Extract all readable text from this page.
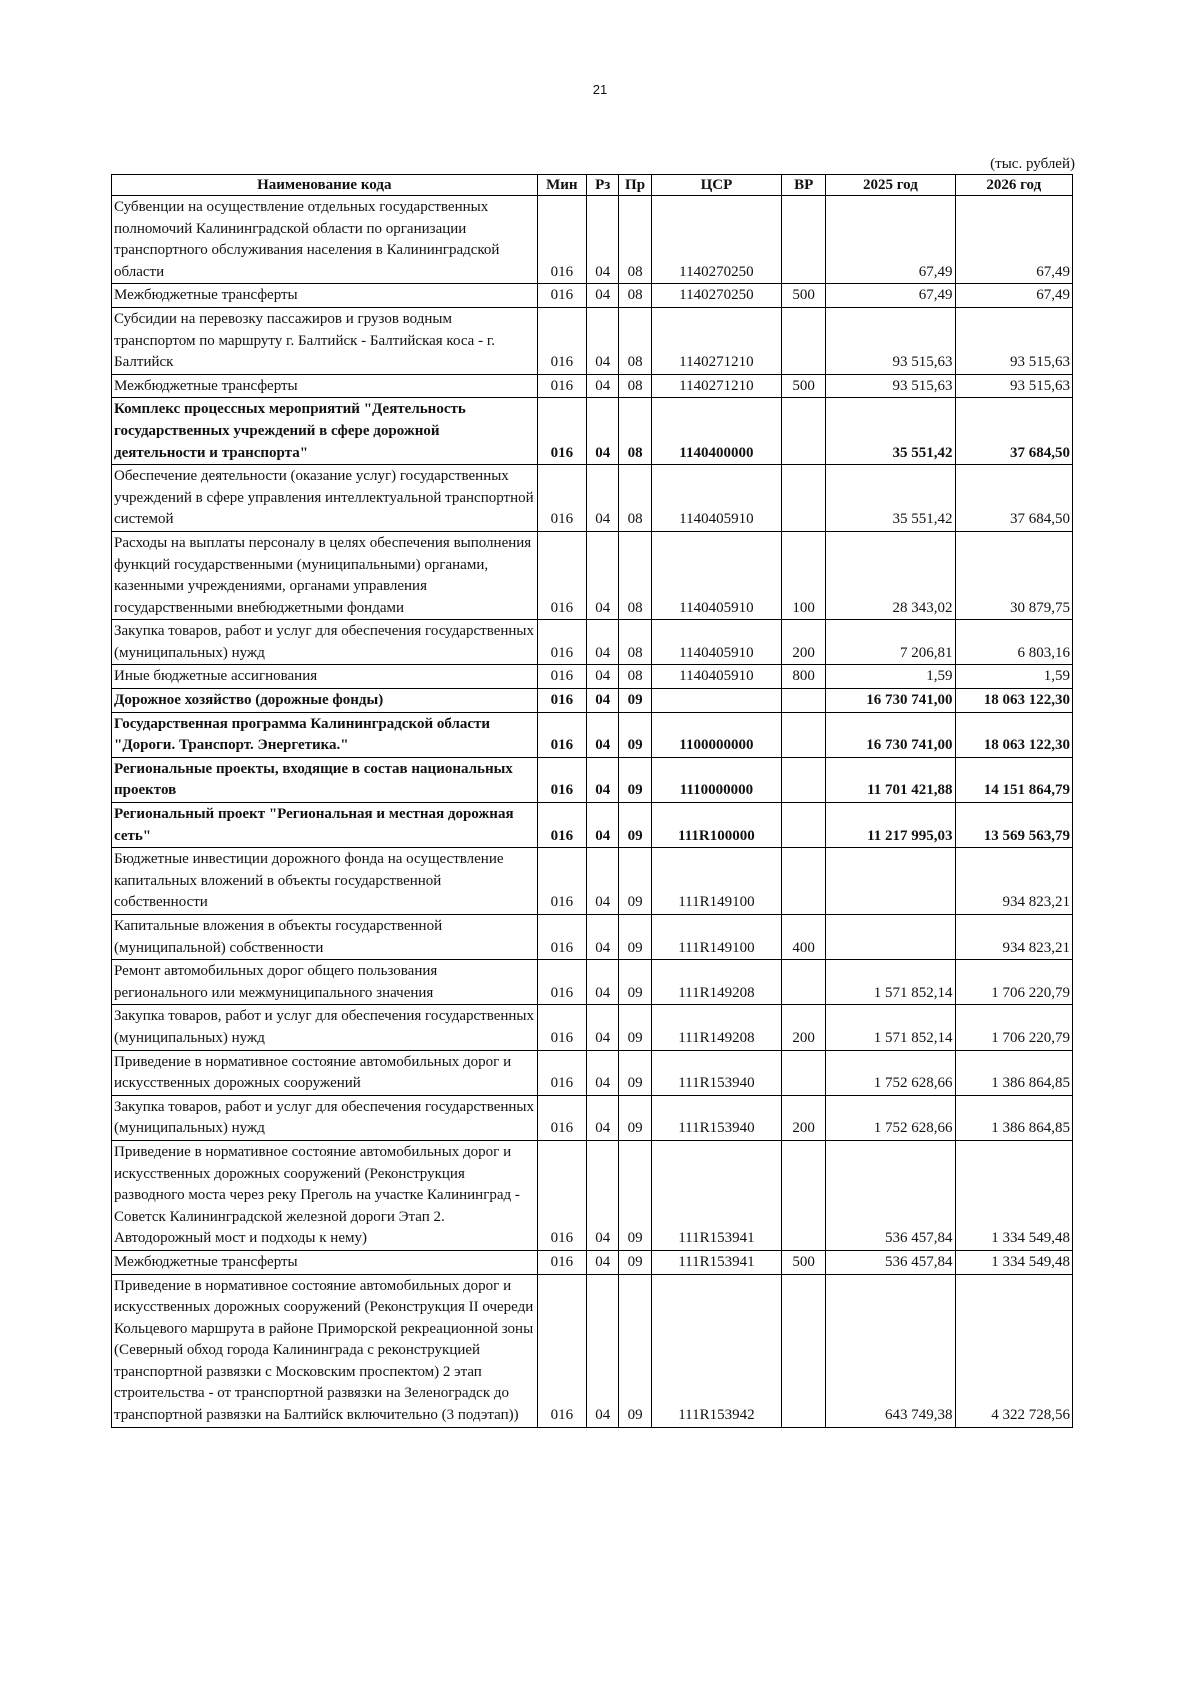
21
(тыс. рублей)
Наименование кода	Мин	Рз	Пр	ЦСР	ВР	2025 год	2026 год
Субвенции на осуществление отдельных государственных полномочий Калининградской области по организации транспортного обслуживания населения в Калининградской области	016	04	08	1140270250		67,49	67,49
Межбюджетные трансферты	016	04	08	1140270250	500	67,49	67,49
Субсидии на перевозку пассажиров и грузов водным транспортом по маршруту г. Балтийск - Балтийская коса - г. Балтийск	016	04	08	1140271210		93 515,63	93 515,63
Межбюджетные трансферты	016	04	08	1140271210	500	93 515,63	93 515,63
Комплекс процессных мероприятий "Деятельность государственных учреждений в сфере дорожной деятельности и транспорта"	016	04	08	1140400000		35 551,42	37 684,50
Обеспечение деятельности (оказание услуг) государственных учреждений в сфере управления интеллектуальной транспортной системой	016	04	08	1140405910		35 551,42	37 684,50
Расходы на выплаты персоналу в целях обеспечения выполнения функций государственными (муниципальными) органами, казенными учреждениями, органами управления государственными внебюджетными фондами	016	04	08	1140405910	100	28 343,02	30 879,75
Закупка товаров, работ и услуг для обеспечения государственных (муниципальных) нужд	016	04	08	1140405910	200	7 206,81	6 803,16
Иные бюджетные ассигнования	016	04	08	1140405910	800	1,59	1,59
Дорожное хозяйство (дорожные фонды)	016	04	09			16 730 741,00	18 063 122,30
Государственная программа Калининградской области "Дороги. Транспорт. Энергетика."	016	04	09	1100000000		16 730 741,00	18 063 122,30
Региональные проекты, входящие в состав национальных проектов	016	04	09	1110000000		11 701 421,88	14 151 864,79
Региональный проект "Региональная и местная дорожная сеть"	016	04	09	111R100000		11 217 995,03	13 569 563,79
Бюджетные инвестиции дорожного фонда на осуществление капитальных вложений в объекты государственной собственности	016	04	09	111R149100			934 823,21
Капитальные вложения в объекты государственной (муниципальной) собственности	016	04	09	111R149100	400		934 823,21
Ремонт автомобильных дорог общего пользования регионального или межмуниципального значения	016	04	09	111R149208		1 571 852,14	1 706 220,79
Закупка товаров, работ и услуг для обеспечения государственных (муниципальных) нужд	016	04	09	111R149208	200	1 571 852,14	1 706 220,79
Приведение в нормативное состояние автомобильных дорог и искусственных дорожных сооружений	016	04	09	111R153940		1 752 628,66	1 386 864,85
Закупка товаров, работ и услуг для обеспечения государственных (муниципальных) нужд	016	04	09	111R153940	200	1 752 628,66	1 386 864,85
Приведение в нормативное состояние автомобильных дорог и искусственных дорожных сооружений (Реконструкция разводного моста через реку Преголь на участке Калининград - Советск Калининградской железной дороги Этап 2. Автодорожный мост и подходы к нему)	016	04	09	111R153941		536 457,84	1 334 549,48
Межбюджетные трансферты	016	04	09	111R153941	500	536 457,84	1 334 549,48
Приведение в нормативное состояние автомобильных дорог и искусственных дорожных сооружений (Реконструкция II очереди Кольцевого маршрута в районе Приморской рекреационной зоны (Северный обход города Калининграда с реконструкцией транспортной развязки с Московским проспектом) 2 этап строительства - от транспортной развязки на Зеленоградск до транспортной развязки на Балтийск включительно (3 подэтап))	016	04	09	111R153942		643 749,38	4 322 728,56
